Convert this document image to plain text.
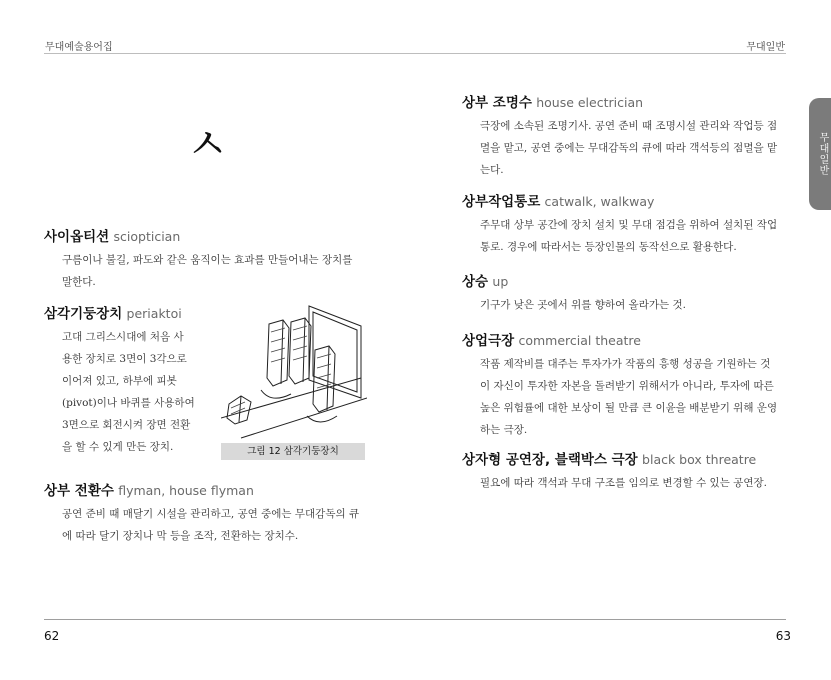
무대예술용어집	무대일반
무대일반
ㅅ
사이옵티션 scioptician
구름이나 불길, 파도와 같은 움직이는 효과를 만들어내는 장치를
말한다.
삼각기둥장치 periaktoi
고대 그리스시대에 처음 사
용한 장치로 3면이 3각으로
이어져 있고, 하부에 피봇
(pivot)이나 바퀴를 사용하여
3면으로 회전시켜 장면 전환
을 할 수 있게 만든 장치.	그림 12 삼각기둥장치
상부 전환수 flyman, house flyman
공연 준비 때 매달기 시설을 관리하고, 공연 중에는 무대감독의 큐
에 따라 달기 장치나 막 등을 조작, 전환하는 장치수.
상부 조명수 house electrician
극장에 소속된 조명기사. 공연 준비 때 조명시설 관리와 작업등 점
멸을 맡고, 공연 중에는 무대감독의 큐에 따라 객석등의 점멸을 맡
는다.
상부작업통로 catwalk, walkway
주무대 상부 공간에 장치 설치 및 무대 점검을 위하여 설치된 작업
통로. 경우에 따라서는 등장인물의 동작선으로 활용한다.
상승 up
기구가 낮은 곳에서 위를 향하여 올라가는 것.
상업극장 commercial theatre
작품 제작비를 대주는 투자가가 작품의 흥행 성공을 기원하는 것
이 자신이 투자한 자본을 돌려받기 위해서가 아니라, 투자에 따른
높은 위험률에 대한 보상이 될 만큼 큰 이윤을 배분받기 위해 운영
하는 극장.
상자형 공연장, 블랙박스 극장 black box threatre
필요에 따라 객석과 무대 구조를 임의로 변경할 수 있는 공연장.
62	63
